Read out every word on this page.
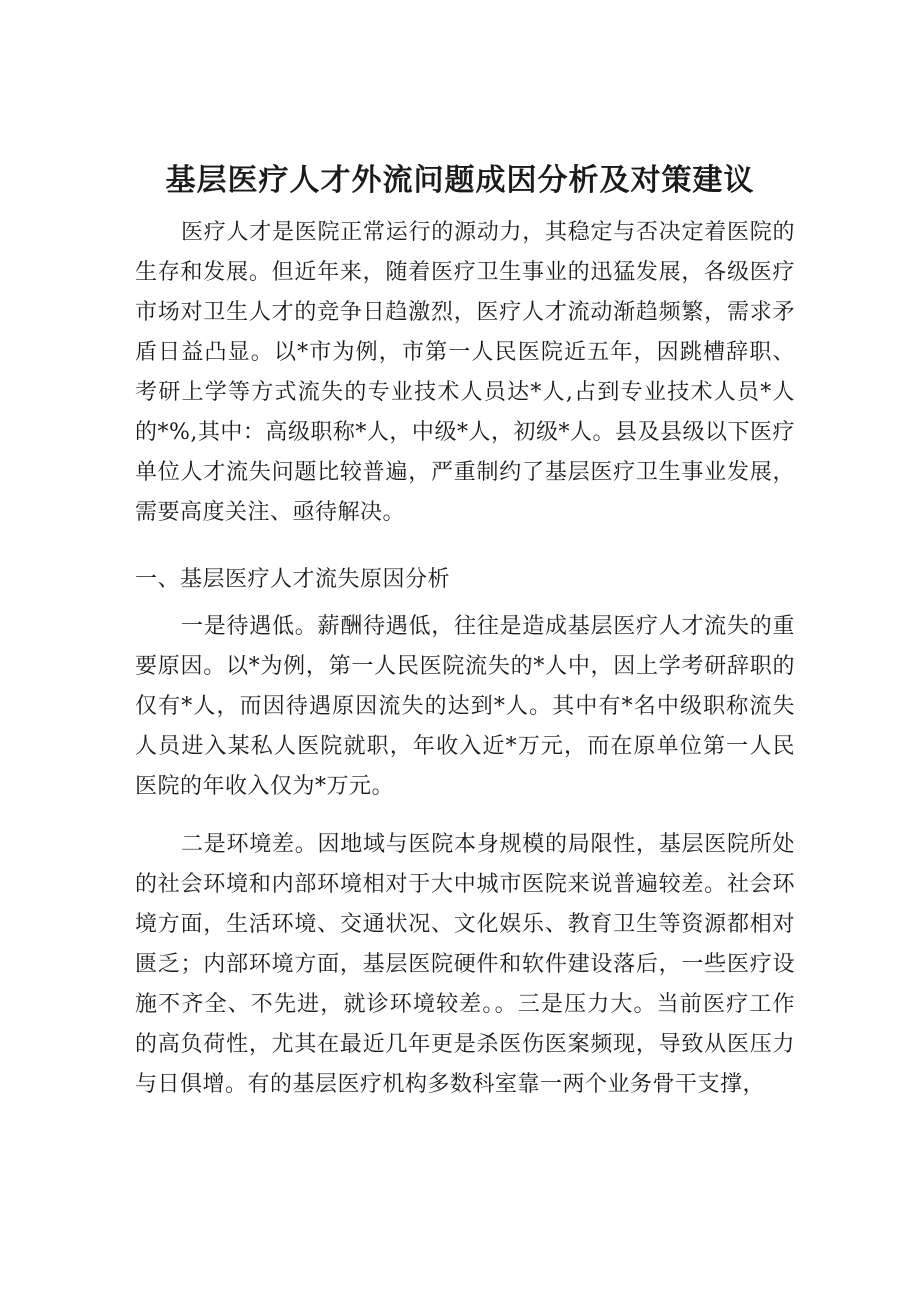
基层医疗人才外流问题成因分析及对策建议
医疗人才是医院正常运行的源动力，其稳定与否决定着医院的生存和发展。但近年来，随着医疗卫生事业的迅猛发展，各级医疗市场对卫生人才的竞争日趋激烈，医疗人才流动渐趋频繁，需求矛盾日益凸显。以*市为例，市第一人民医院近五年，因跳槽辞职、考研上学等方式流失的专业技术人员达*人,占到专业技术人员*人的*%,其中：高级职称*人，中级*人，初级*人。县及县级以下医疗单位人才流失问题比较普遍，严重制约了基层医疗卫生事业发展，需要高度关注、亟待解决。
一、基层医疗人才流失原因分析
一是待遇低。薪酬待遇低，往往是造成基层医疗人才流失的重要原因。以*为例，第一人民医院流失的*人中，因上学考研辞职的仅有*人，而因待遇原因流失的达到*人。其中有*名中级职称流失人员进入某私人医院就职，年收入近*万元，而在原单位第一人民医院的年收入仅为*万元。
二是环境差。因地域与医院本身规模的局限性，基层医院所处的社会环境和内部环境相对于大中城市医院来说普遍较差。社会环境方面，生活环境、交通状况、文化娱乐、教育卫生等资源都相对匮乏；内部环境方面，基层医院硬件和软件建设落后，一些医疗设施不齐全、不先进，就诊环境较差。。三是压力大。当前医疗工作的高负荷性，尤其在最近几年更是杀医伤医案频现，导致从医压力与日俱增。有的基层医疗机构多数科室靠一两个业务骨干支撑，
